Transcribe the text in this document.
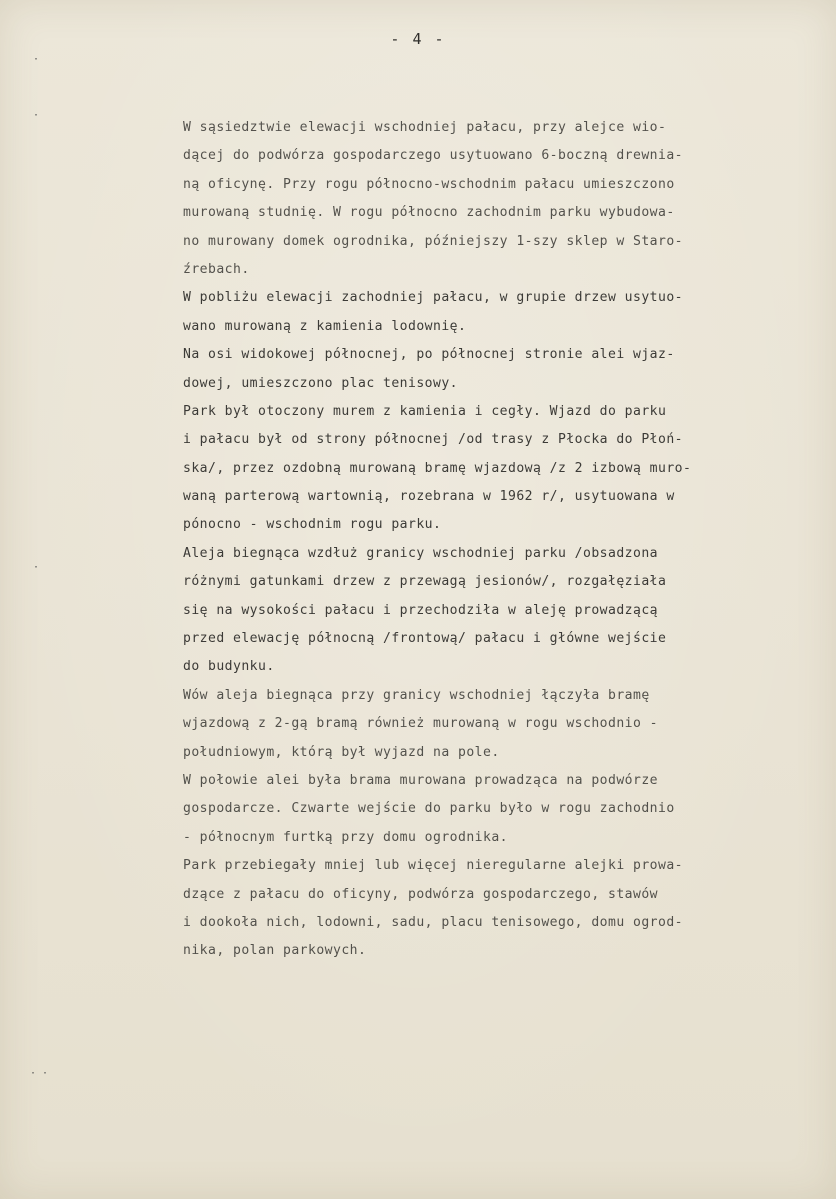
- 4 -
W sąsiedztwie elewacji wschodniej pałacu, przy alejce wio-
dącej do podwórza gospodarczego usytuowano 6-boczną drewnia-
ną oficynę. Przy rogu północno-wschodnim pałacu umieszczono
murowaną studnię. W rogu północno zachodnim parku wybudowa-
no murowany domek ogrodnika, późniejszy 1-szy sklep w Staro-
źrebach.
W pobliżu elewacji zachodniej pałacu, w grupie drzew usytuo-
wano murowaną z kamienia lodownię.
Na osi widokowej północnej, po północnej stronie alei wjaz-
dowej, umieszczono plac tenisowy.
Park był otoczony murem z kamienia i cegły. Wjazd do parku
i pałacu był od strony północnej /od trasy z Płocka do Płoń-
ska/, przez ozdobną murowaną bramę wjazdową /z 2 izbową muro-
waną parterową wartownią, rozebrana w 1962 r/, usytuowana w
pónocno - wschodnim rogu parku.
Aleja biegnąca wzdłuż granicy wschodniej parku /obsadzona
różnymi gatunkami drzew z przewagą jesionów/, rozgałęziała
się na wysokości pałacu i przechodziła w aleję prowadzącą
przed elewację północną /frontową/ pałacu i główne wejście
do budynku.
Wów aleja biegnąca przy granicy wschodniej łączyła bramę
wjazdową z 2-gą bramą również murowaną w rogu wschodnio -
południowym, którą był wyjazd na pole.
W połowie alei była brama murowana prowadząca na podwórze
gospodarcze. Czwarte wejście do parku było w rogu zachodnio
- północnym furtką przy domu ogrodnika.
Park przebiegały mniej lub więcej nieregularne alejki prowa-
dzące z pałacu do oficyny, podwórza gospodarczego, stawów
i dookoła nich, lodowni, sadu, placu tenisowego, domu ogrod-
nika, polan parkowych.
·
·
·
· ·
